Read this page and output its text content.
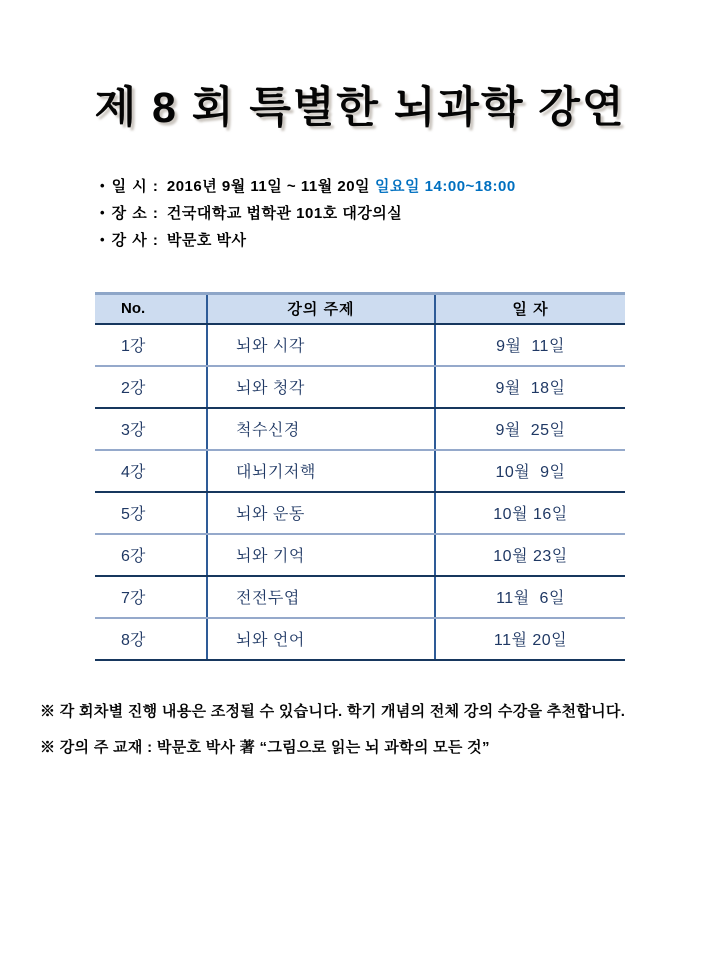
제 8 회 특별한 뇌과학 강연
• 일 시 : 2016년 9월 11일 ~ 11월 20일 일요일 14:00~18:00
• 장 소 : 건국대학교 법학관 101호 대강의실
• 강 사 : 박문호 박사
No.	강의 주제	일 자
1강	뇌와 시각	9월  11일
2강	뇌와 청각	9월  18일
3강	척수신경	9월  25일
4강	대뇌기저핵	10월  9일
5강	뇌와 운동	10월 16일
6강	뇌와 기억	10월 23일
7강	전전두엽	11월  6일
8강	뇌와 언어	11월 20일

※ 각 회차별 진행 내용은 조정될 수 있습니다. 학기 개념의 전체 강의 수강을 추천합니다.

※ 강의 주 교재 : 박문호 박사 著 “그림으로 읽는 뇌 과학의 모든 것”
